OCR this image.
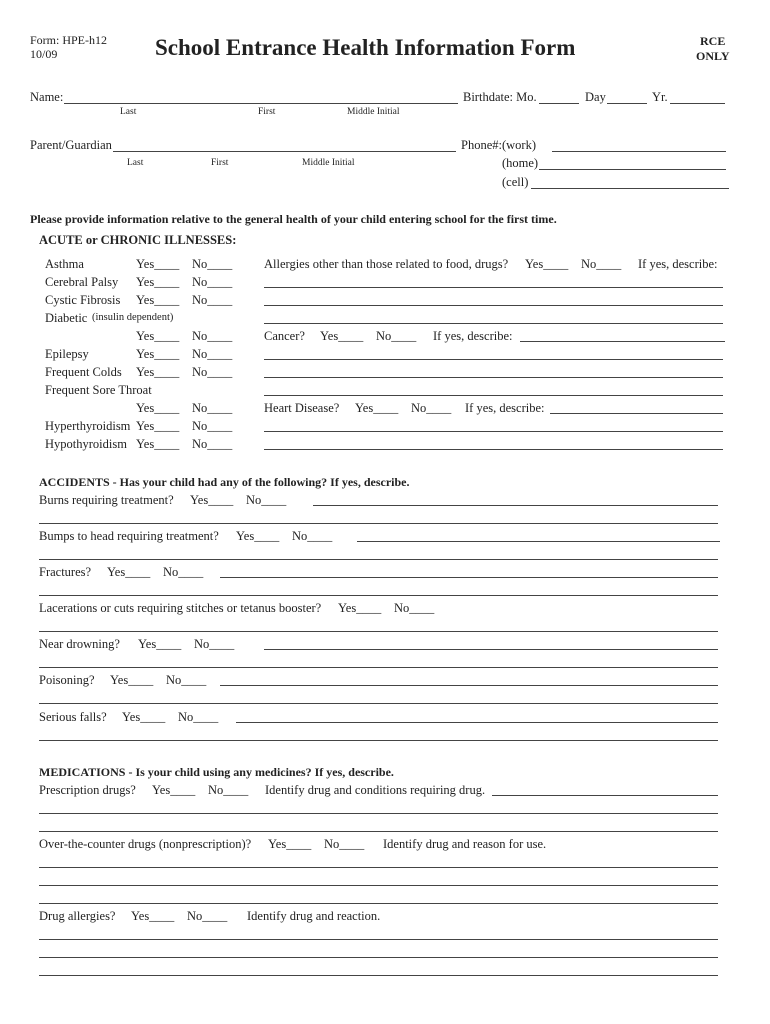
Form: HPE-h12
10/09	School Entrance Health Information Form	RCE
ONLY
Name:	Birthdate: Mo.	Day	Yr.
Last	First	Middle Initial
Parent/Guardian	Phone#:(work)
(home)
(cell)
Last	First	Middle Initial
Please provide information relative to the general health of your child entering school for the first time.
ACUTE or CHRONIC ILLNESSES:
Asthma	Yes____ No____
Cerebral Palsy Yes____ No____
Cystic Fibrosis Yes____ No____
Diabetic (insulin dependent)
Yes____ No____
Epilepsy	Yes____ No____
Frequent Colds Yes____ No____
Frequent Sore Throat
Yes____ No____
Hyperthyroidism Yes____ No____
Hypothyroidism Yes____ No____
Allergies other than those related to food, drugs? Yes____ No____ If yes, describe:
Cancer? Yes____ No____ If yes, describe:
Heart Disease? Yes____ No____ If yes, describe:
ACCIDENTS - Has your child had any of the following? If yes, describe.
Burns requiring treatment? Yes____ No____
Bumps to head requiring treatment? Yes____ No____
Fractures? Yes____ No____
Lacerations or cuts requiring stitches or tetanus booster? Yes____ No____
Near drowning? Yes____ No____
Poisoning? Yes____ No____
Serious falls? Yes____ No____
MEDICATIONS - Is your child using any medicines? If yes, describe.
Prescription drugs? Yes____ No____ Identify drug and conditions requiring drug.
Over-the-counter drugs (nonprescription)? Yes____ No____ Identify drug and reason for use.
Drug allergies? Yes____ No____ Identify drug and reaction.
